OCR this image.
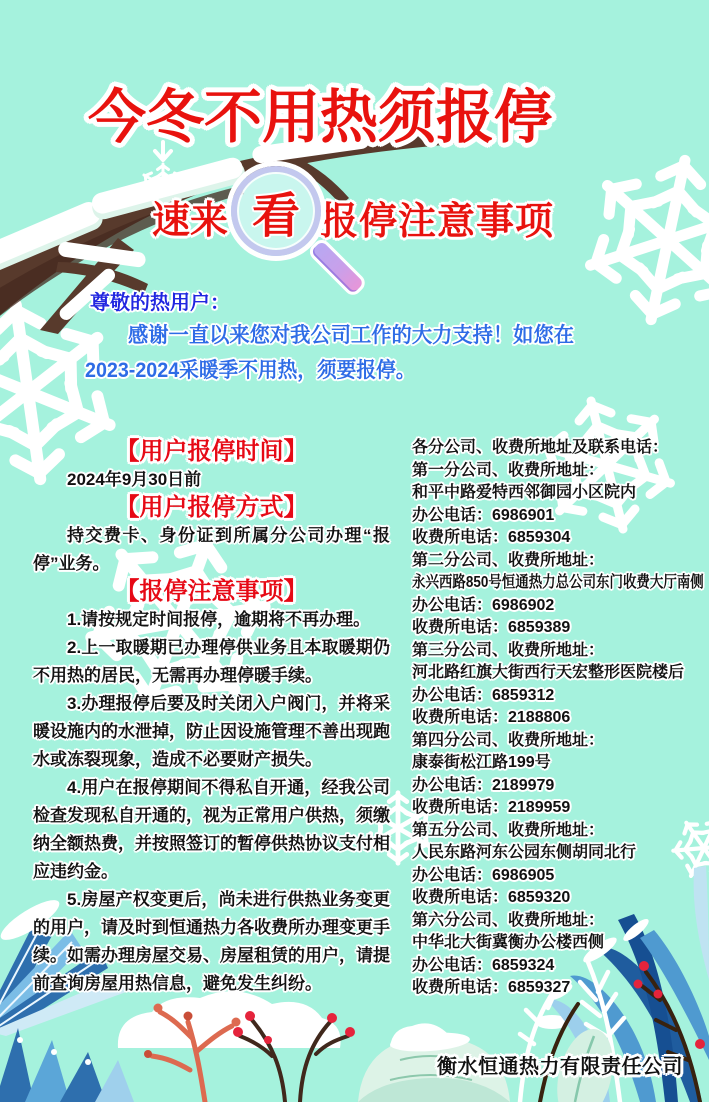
今冬不用热须报停
速来 看 报停注意事项
尊敬的热用户：
感谢一直以来您对我公司工作的大力支持！如您在
2023-2024采暖季不用热，须要报停。
【用户报停时间】

2024年9月30日前

【用户报停方式】

持交费卡、身份证到所属分公司办理“报停”业务。

【报停注意事项】

1.请按规定时间报停，逾期将不再办理。

2.上一取暖期已办理停供业务且本取暖期仍不用热的居民，无需再办理停暖手续。

3.办理报停后要及时关闭入户阀门，并将采暖设施内的水泄掉，防止因设施管理不善出现跑水或冻裂现象，造成不必要财产损失。

4.用户在报停期间不得私自开通，经我公司检查发现私自开通的，视为正常用户供热，须缴纳全额热费，并按照签订的暂停供热协议支付相应违约金。

5.房屋产权变更后，尚未进行供热业务变更的用户，请及时到恒通热力各收费所办理变更手续。如需办理房屋交易、房屋租赁的用户，请提前查询房屋用热信息，避免发生纠纷。

各分公司、收费所地址及联系电话：
第一分公司、收费所地址：
和平中路爱特西邻御园小区院内
办公电话：6986901
收费所电话：6859304
第二分公司、收费所地址：
永兴西路850号恒通热力总公司东门收费大厅南侧
办公电话：6986902
收费所电话：6859389
第三分公司、收费所地址：
河北路红旗大街西行天宏整形医院楼后
办公电话：6859312
收费所电话：2188806
第四分公司、收费所地址：
康泰街松江路199号
办公电话：2189979
收费所电话：2189959
第五分公司、收费所地址：
人民东路河东公园东侧胡同北行
办公电话：6986905
收费所电话：6859320
第六分公司、收费所地址：
中华北大街冀衡办公楼西侧
办公电话：6859324
收费所电话：6859327
衡水恒通热力有限责任公司
